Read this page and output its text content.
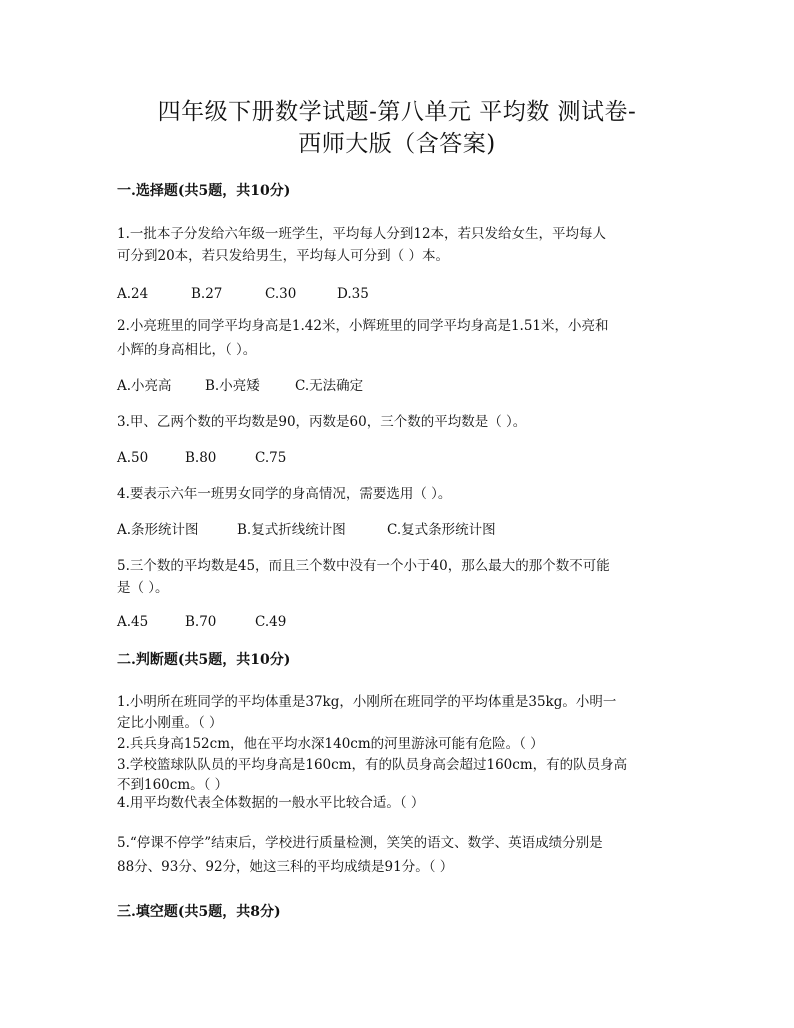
四年级下册数学试题-第八单元 平均数 测试卷-
西师大版（含答案)
一.选择题(共5题，共10分)
1.一批本子分发给六年级一班学生，平均每人分到12本，若只发给女生，平均每人
可分到20本，若只发给男生，平均每人可分到（ ）本。
A.24	B.27	C.30	D.35
2.小亮班里的同学平均身高是1.42米，小辉班里的同学平均身高是1.51米，小亮和
小辉的身高相比，（ ）。
A.小亮高 B.小亮矮	C.无法确定
3.甲、乙两个数的平均数是90，丙数是60，三个数的平均数是（ ）。
A.50	B.80	C.75
4.要表示六年一班男女同学的身高情况，需要选用（ ）。
A.条形统计图	B.复式折线统计图	C.复式条形统计图
5.三个数的平均数是45，而且三个数中没有一个小于40，那么最大的那个数不可能
是（ ）。
A.45	B.70	C.49
二.判断题(共5题，共10分)
1.小明所在班同学的平均体重是37kg，小刚所在班同学的平均体重是35kg。小明一
定比小刚重。（ ）
2.兵兵身高152cm，他在平均水深140cm的河里游泳可能有危险。（ ）
3.学校篮球队队员的平均身高是160cm，有的队员身高会超过160cm，有的队员身高
不到160cm。（ ）
4.用平均数代表全体数据的一般水平比较合适。（ ）
5.“停课不停学”结束后，学校进行质量检测，笑笑的语文、数学、英语成绩分别是
88分、93分、92分，她这三科的平均成绩是91分。（ ）
三.填空题(共5题，共8分)
